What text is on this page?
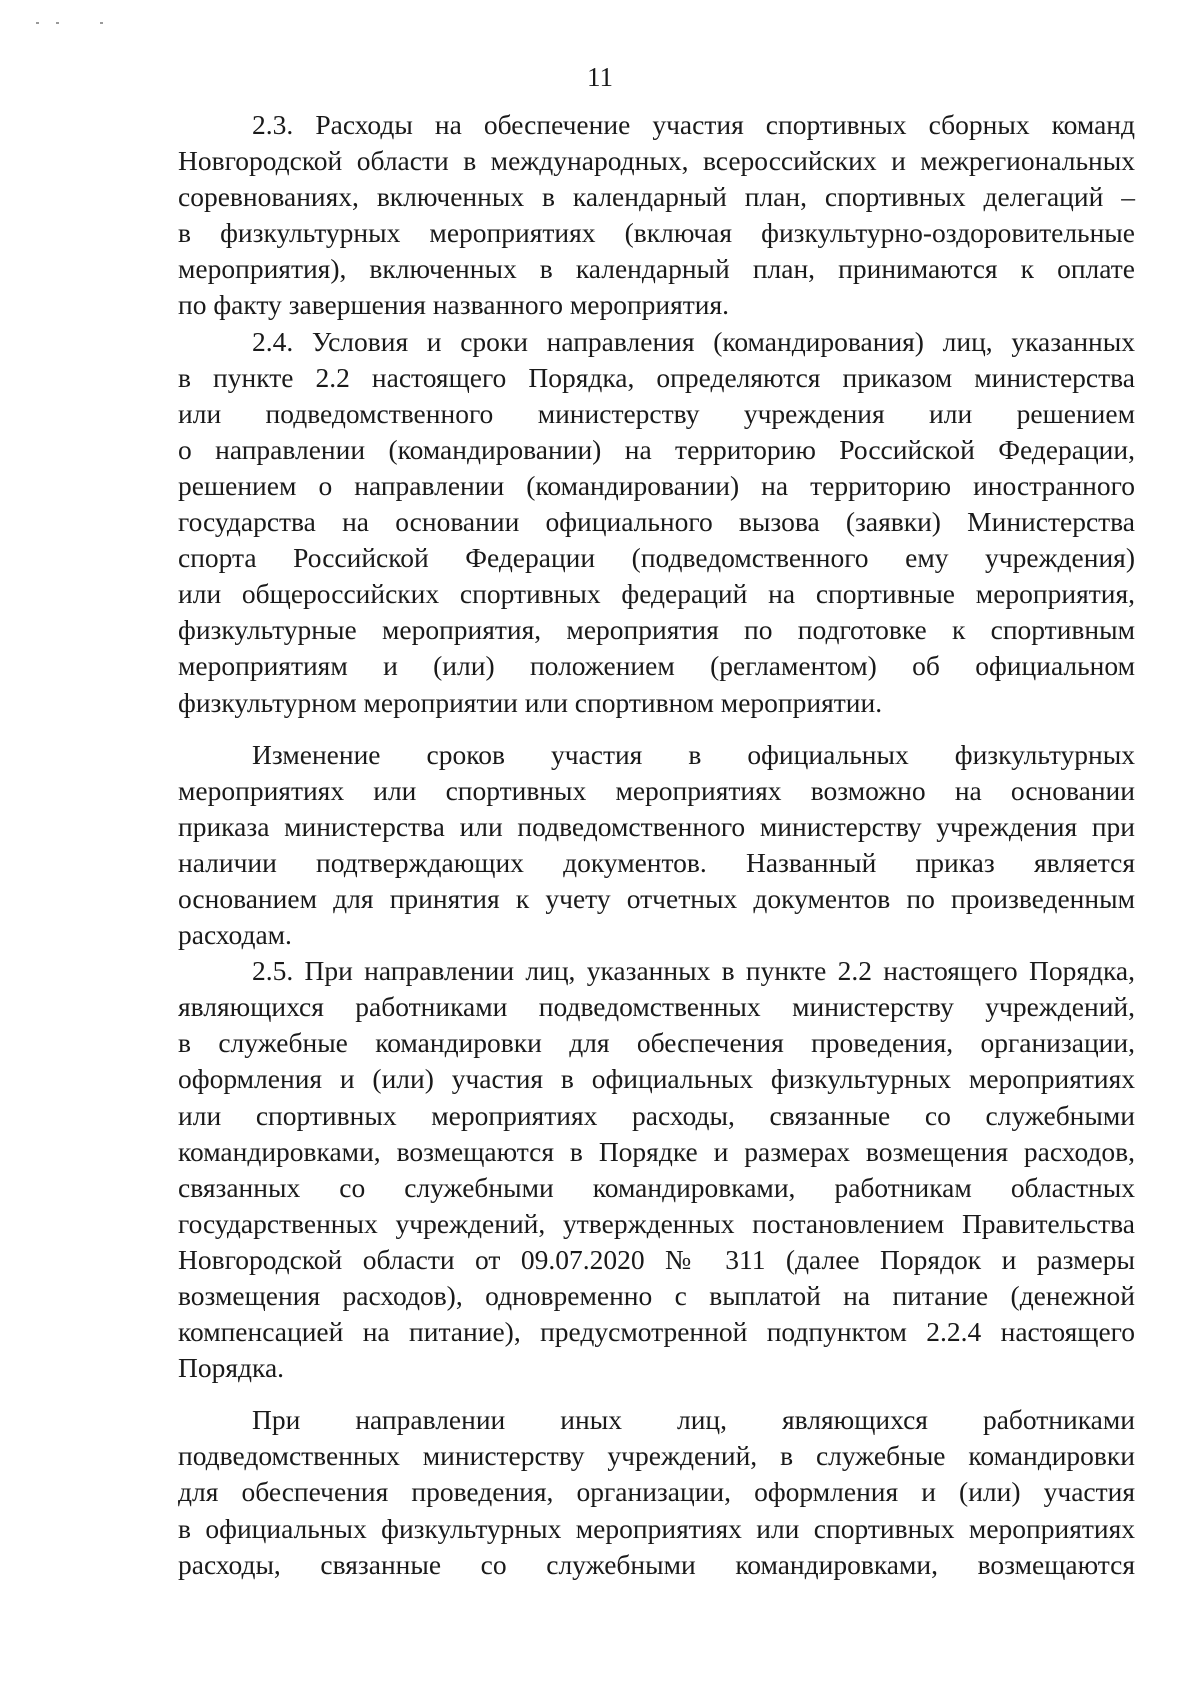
11

2.3. Расходы на обеспечение участия спортивных сборных команд
Новгородской области в международных, всероссийских и межрегиональных
соревнованиях, включенных в календарный план, спортивных делегаций –
в физкультурных мероприятиях (включая физкультурно-оздоровительные
мероприятия), включенных в календарный план, принимаются к оплате
по факту завершения названного мероприятия.

2.4. Условия и сроки направления (командирования) лиц, указанных
в пункте 2.2 настоящего Порядка, определяются приказом министерства
или подведомственного министерству учреждения или решением
о направлении (командировании) на территорию Российской Федерации,
решением о направлении (командировании) на территорию иностранного
государства на основании официального вызова (заявки) Министерства
спорта Российской Федерации (подведомственного ему учреждения)
или общероссийских спортивных федераций на спортивные мероприятия,
физкультурные мероприятия, мероприятия по подготовке к спортивным
мероприятиям и (или) положением (регламентом) об официальном
физкультурном мероприятии или спортивном мероприятии.

Изменение сроков участия в официальных физкультурных
мероприятиях или спортивных мероприятиях возможно на основании
приказа министерства или подведомственного министерству учреждения при
наличии подтверждающих документов. Названный приказ является
основанием для принятия к учету отчетных документов по произведенным
расходам.

2.5. При направлении лиц, указанных в пункте 2.2 настоящего Порядка,
являющихся работниками подведомственных министерству учреждений,
в служебные командировки для обеспечения проведения, организации,
оформления и (или) участия в официальных физкультурных мероприятиях
или спортивных мероприятиях расходы, связанные со служебными
командировками, возмещаются в Порядке и размерах возмещения расходов,
связанных со служебными командировками, работникам областных
государственных учреждений, утвержденных постановлением Правительства
Новгородской области от 09.07.2020 № 311 (далее Порядок и размеры
возмещения расходов), одновременно с выплатой на питание (денежной
компенсацией на питание), предусмотренной подпунктом 2.2.4 настоящего
Порядка.

При направлении иных лиц, являющихся работниками
подведомственных министерству учреждений, в служебные командировки
для обеспечения проведения, организации, оформления и (или) участия
в официальных физкультурных мероприятиях или спортивных мероприятиях
расходы, связанные со служебными командировками, возмещаются
